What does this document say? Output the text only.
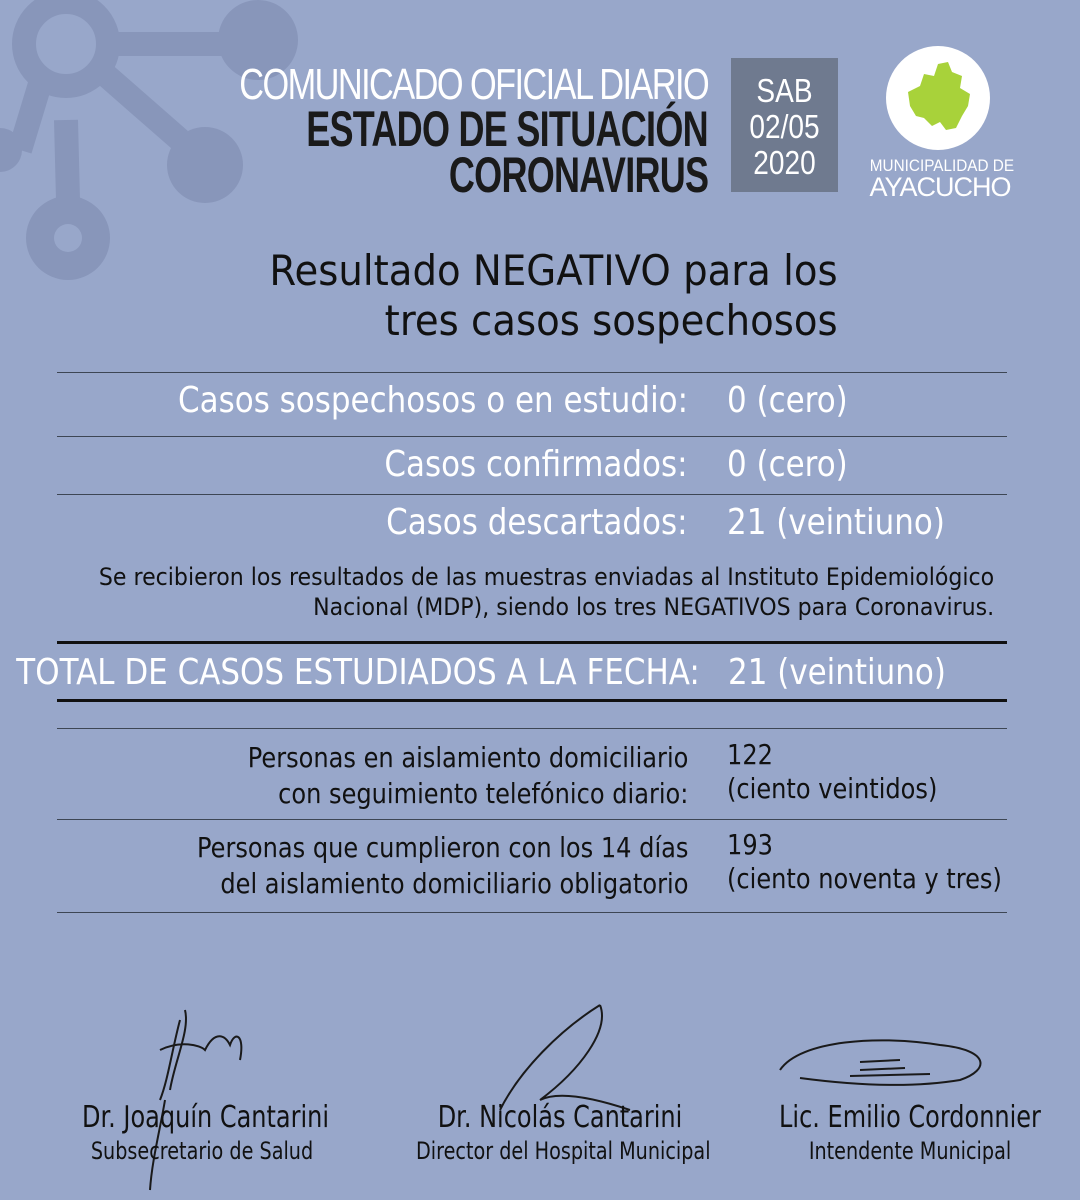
COMUNICADO OFICIAL DIARIO
ESTADO DE SITUACIÓN
CORONAVIRUS
SAB
02/05
2020	MUNICIPALIDAD DE
AYACUCHO
Resultado NEGATIVO para los
tres casos sospechosos
Casos sospechosos o en estudio: 0 (cero)
Casos confirmados: 0 (cero)
Casos descartados: 21 (veintiuno)
Se recibieron los resultados de las muestras enviadas al Instituto Epidemiológico
Nacional (MDP), siendo los tres NEGATIVOS para Coronavirus.
TOTAL DE CASOS ESTUDIADOS A LA FECHA: 21 (veintiuno)
Personas en aislamiento domiciliario
con seguimiento telefónico diario:
122
(ciento veintidos)
Personas que cumplieron con los 14 días
del aislamiento domiciliario obligatorio
193
(ciento noventa y tres)
Dr. Joaquín Cantarini
Subsecretario de Salud
Dr. Nicolás Cantarini
Director del Hospital Municipal
Lic. Emilio Cordonnier
Intendente Municipal
